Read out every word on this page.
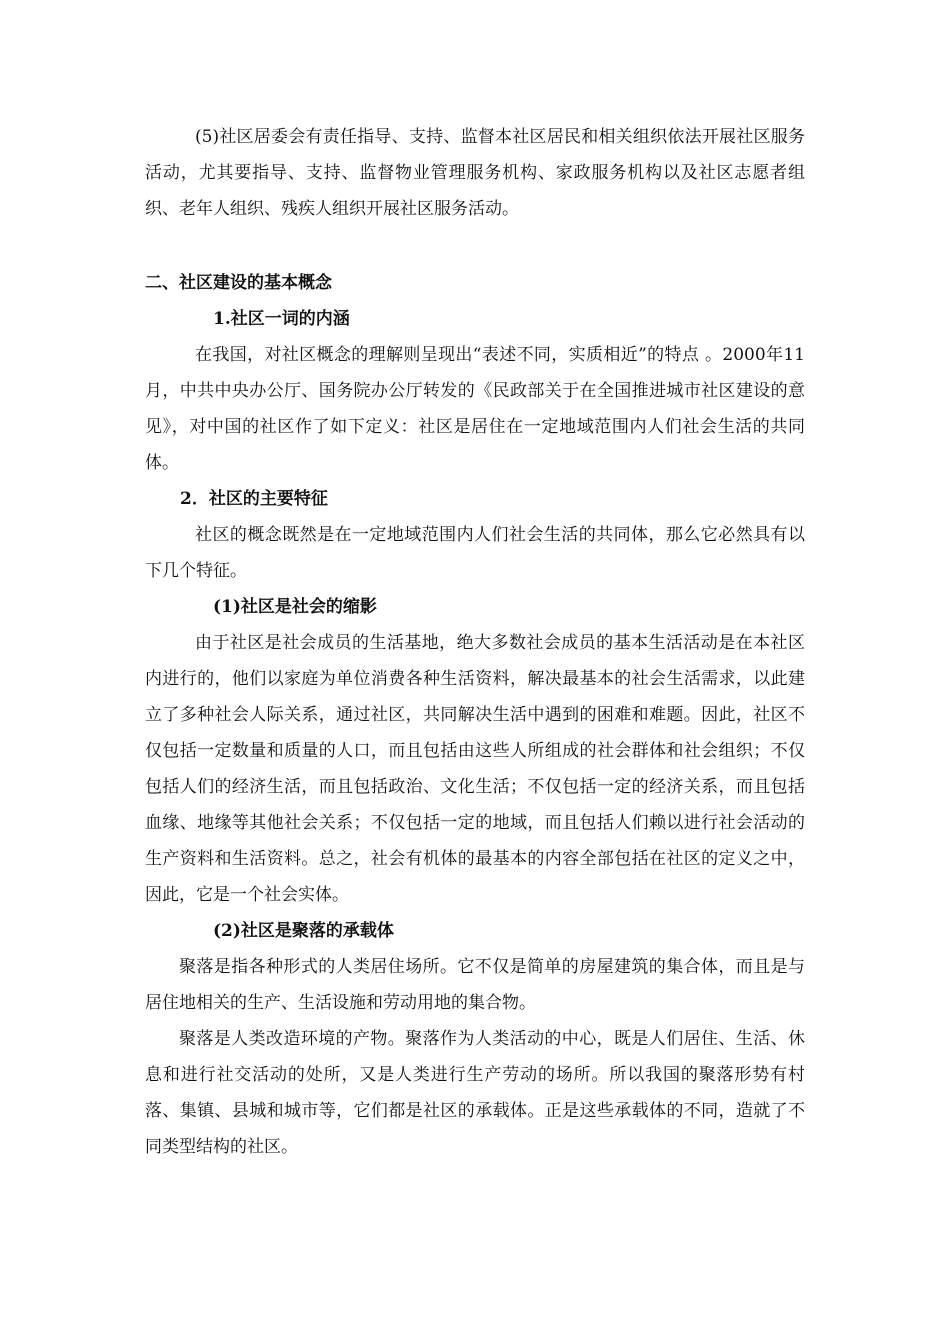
(5)社区居委会有责任指导、支持、监督本社区居民和相关组织依法开展社区服务活动，尤其要指导、支持、监督物业管理服务机构、家政服务机构以及社区志愿者组织、老年人组织、残疾人组织开展社区服务活动。

二、社区建设的基本概念
1.社区一词的内涵

在我国，对社区概念的理解则呈现出“表述不同，实质相近”的特点 。2000年11月，中共中央办公厅、国务院办公厅转发的《民政部关于在全国推进城市社区建设的意见》，对中国的社区作了如下定义：社区是居住在一定地域范围内人们社会生活的共同体。

2．社区的主要特征

社区的概念既然是在一定地域范围内人们社会生活的共同体，那么它必然具有以下几个特征。

(1)社区是社会的缩影

由于社区是社会成员的生活基地，绝大多数社会成员的基本生活活动是在本社区内进行的，他们以家庭为单位消费各种生活资料，解决最基本的社会生活需求，以此建立了多种社会人际关系，通过社区，共同解决生活中遇到的困难和难题。因此，社区不仅包括一定数量和质量的人口，而且包括由这些人所组成的社会群体和社会组织；不仅包括人们的经济生活，而且包括政治、文化生活；不仅包括一定的经济关系，而且包括血缘、地缘等其他社会关系；不仅包括一定的地域，而且包括人们赖以进行社会活动的生产资料和生活资料。总之，社会有机体的最基本的内容全部包括在社区的定义之中，因此，它是一个社会实体。

(2)社区是聚落的承载体

聚落是指各种形式的人类居住场所。它不仅是简单的房屋建筑的集合体，而且是与居住地相关的生产、生活设施和劳动用地的集合物。

聚落是人类改造环境的产物。聚落作为人类活动的中心，既是人们居住、生活、休息和进行社交活动的处所，又是人类进行生产劳动的场所。所以我国的聚落形势有村落、集镇、县城和城市等，它们都是社区的承载体。正是这些承载体的不同，造就了不同类型结构的社区。
